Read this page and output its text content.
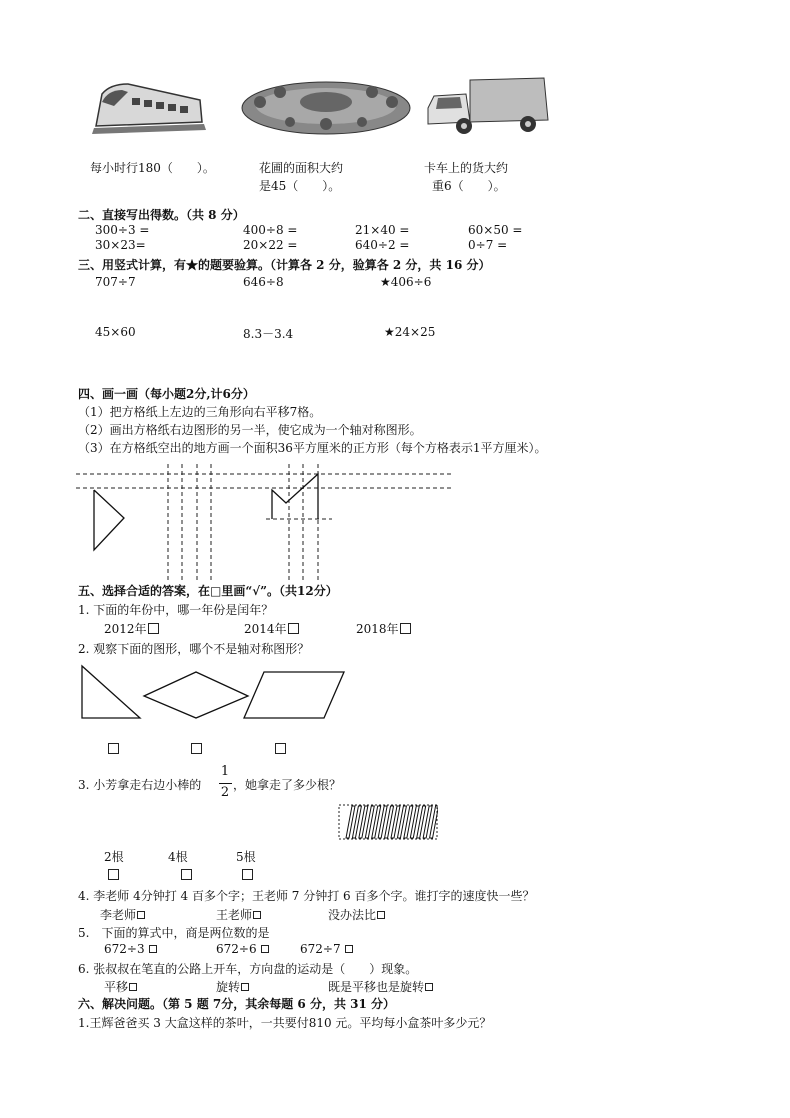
每小时行180（　　）。	花圃的面积大约
是45（　　）。
卡车上的货大约
重6（　　）。
二、直接写出得数。（共 8 分）
300÷3 =	400÷8 =	21×40 =	60×50 =
30×23=	20×22 =	640÷2 =	0÷7 =
三、用竖式计算，有★的题要验算。（计算各 2 分，验算各 2 分，共 16 分）
707÷7	646÷8	★406÷6
45×60	8.3－3.4	★24×25
四、画一画（每小题2分,计6分）
（1）把方格纸上左边的三角形向右平移7格。
（2）画出方格纸右边图形的另一半，使它成为一个轴对称图形。
（3）在方格纸空出的地方画一个面积36平方厘米的正方形（每个方格表示1平方厘米）。
五、选择合适的答案，在□里画“√”。（共12分）
1. 下面的年份中，哪一年份是闰年？
2012年	2014年	2018年
2. 观察下面的图形，哪个不是轴对称图形？
3. 小芳拿走右边小棒的
1
2 ，她拿走了多少根？
2根	4根	5根
4. 李老师 4分钟打 4 百多个字；王老师 7 分钟打 6 百多个字。谁打字的速度快一些？
李老师	王老师	没办法比
5.　下面的算式中，商是两位数的是
672÷3	672÷6	672÷7
6. 张叔叔在笔直的公路上开车，方向盘的运动是（　　）现象。
平移	旋转	既是平移也是旋转
六、解决问题。（第 5 题 7分，其余每题 6 分，共 31 分）
1.王辉爸爸买 3 大盒这样的茶叶，一共要付810 元。平均每小盒茶叶多少元？
